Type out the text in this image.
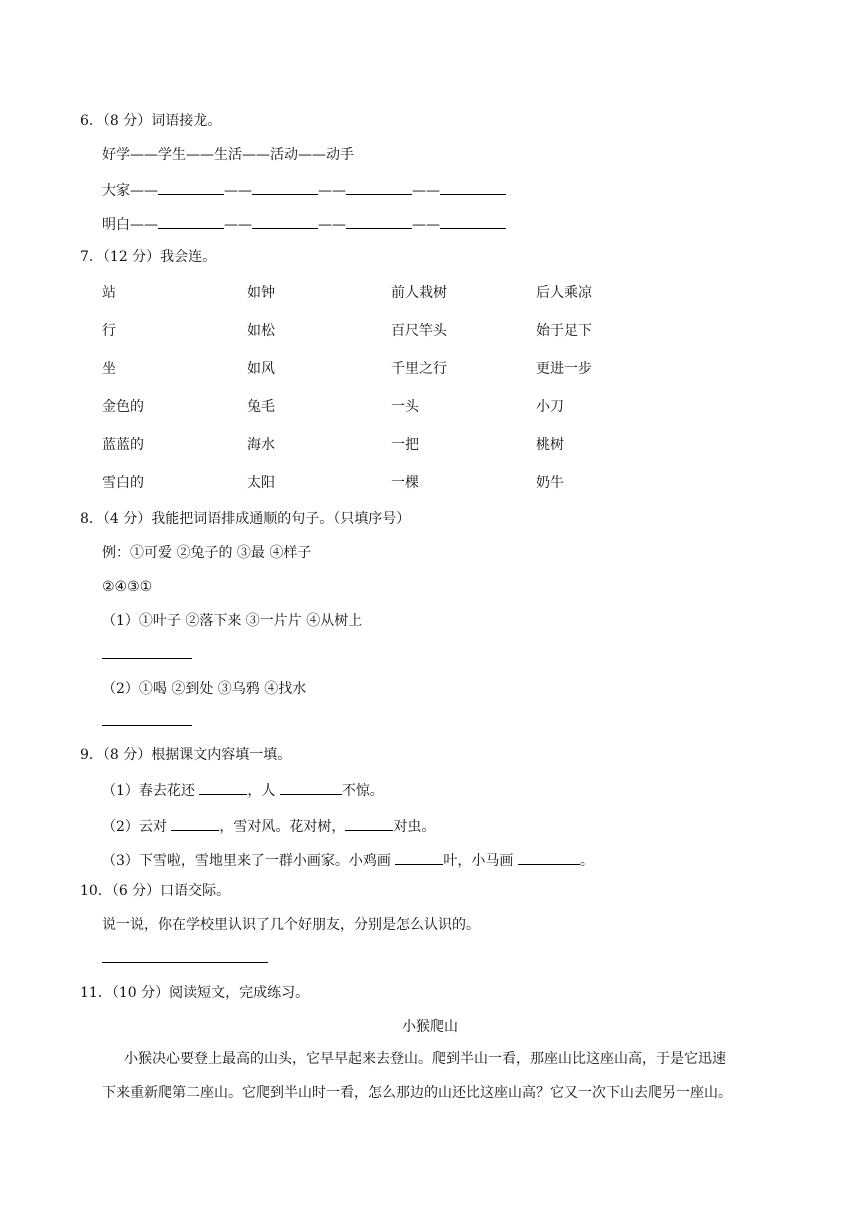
6．（8 分）词语接龙。
好学——学生——生活——活动——动手
大家——	——	——	——
明白——	——	——	——
7．（12 分）我会连。
站	如钟	前人栽树	后人乘凉
行	如松	百尺竿头	始于足下
坐	如风	千里之行	更进一步
金色的	兔毛	一头	小刀
蓝蓝的	海水	一把	桃树
雪白的	太阳	一棵	奶牛
8．（4 分）我能把词语排成通顺的句子。（只填序号）
例：①可爱 ②兔子的 ③最 ④样子
②④③①
（1）①叶子 ②落下来 ③一片片 ④从树上
（2）①喝 ②到处 ③乌鸦 ④找水
9．（8 分）根据课文内容填一填。
（1）春去花还	，人	不惊。
（2）云对	，雪对风。花对树，	对虫。
（3）下雪啦，雪地里来了一群小画家。小鸡画	叶，小马画	。
10．（6 分）口语交际。
说一说，你在学校里认识了几个好朋友，分别是怎么认识的。
11．（10 分）阅读短文，完成练习。
小猴爬山
小猴决心要登上最高的山头，它早早起来去登山。爬到半山一看，那座山比这座山高，于是它迅速
下来重新爬第二座山。它爬到半山时一看，怎么那边的山还比这座山高？它又一次下山去爬另一座山。
